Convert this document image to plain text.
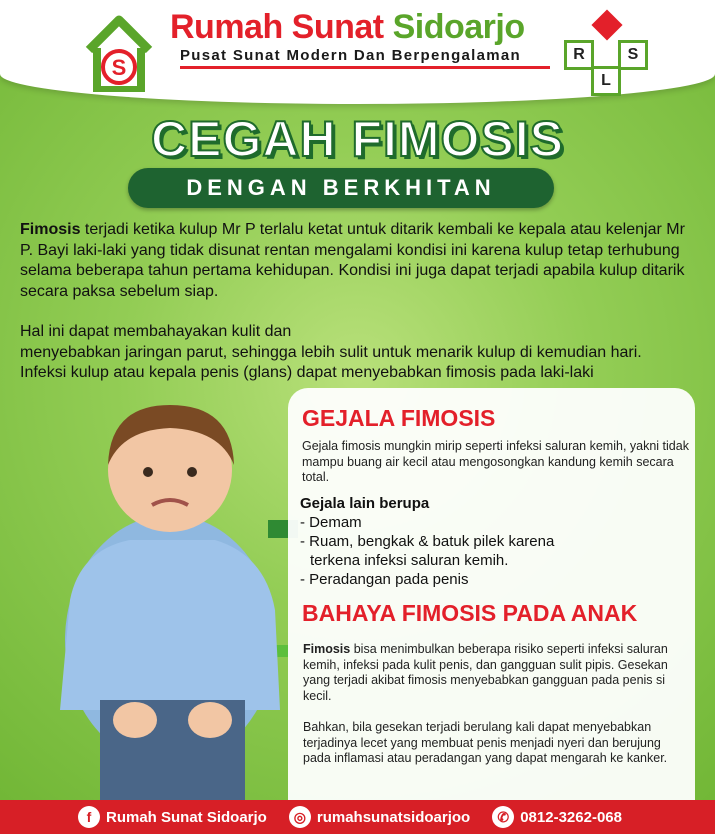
S
Rumah Sunat Sidoarjo
Pusat Sunat Modern Dan Berpengalaman	R	S
L
CEGAH FIMOSIS
DENGAN BERKHITAN

Fimosis terjadi ketika kulup Mr P terlalu ketat untuk ditarik kembali ke kepala atau kelenjar Mr P. Bayi laki-laki yang tidak disunat rentan mengalami kondisi ini karena kulup tetap terhubung selama beberapa tahun pertama kehidupan. Kondisi ini juga dapat terjadi apabila kulup ditarik secara paksa sebelum siap.

Hal ini dapat membahayakan kulit dan
menyebabkan jaringan parut, sehingga lebih sulit untuk menarik kulup di kemudian hari.
Infeksi kulup atau kepala penis (glans) dapat menyebabkan fimosis pada laki-laki

GEJALA FIMOSIS
Gejala fimosis mungkin mirip seperti infeksi saluran kemih, yakni tidak mampu buang air kecil atau mengosongkan kandung kemih secara total.
Gejala lain berupa
- Demam
- Ruam, bengkak & batuk pilek karena
terkena infeksi saluran kemih.
- Peradangan pada penis
BAHAYA FIMOSIS PADA ANAK

Fimosis bisa menimbulkan beberapa risiko seperti infeksi saluran kemih, infeksi pada kulit penis, dan gangguan sulit pipis. Gesekan yang terjadi akibat fimosis menyebabkan gangguan pada penis si kecil.

Bahkan, bila gesekan terjadi berulang kali dapat menyebabkan terjadinya lecet yang membuat penis menjadi nyeri dan berujung pada inflamasi atau peradangan yang dapat mengarah ke kanker.

f Rumah Sunat Sidoarjo	◎ rumahsunatsidoarjoo	✆ 0812-3262-068
